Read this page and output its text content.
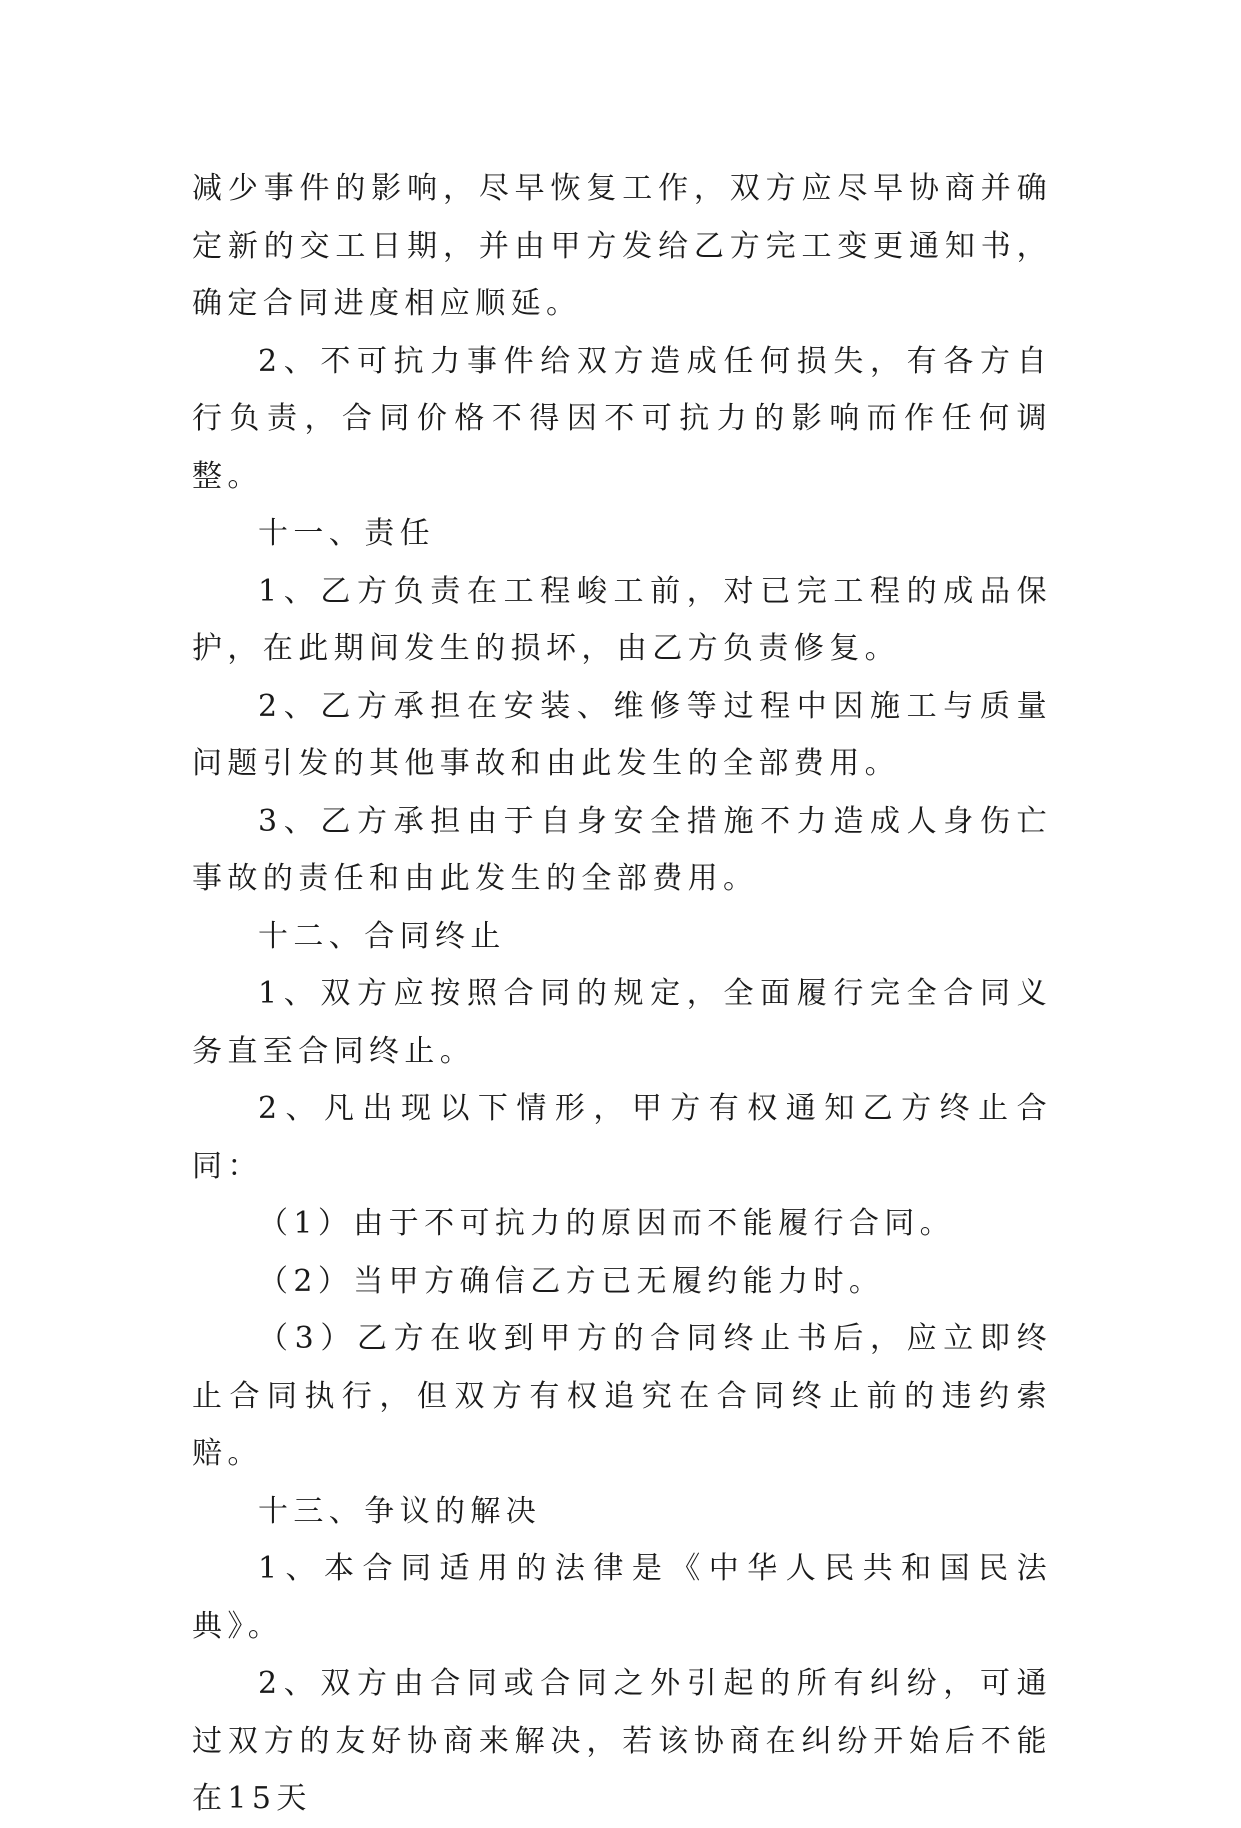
减少事件的影响，尽早恢复工作，双方应尽早协商并确定新的交工日期，并由甲方发给乙方完工变更通知书，确定合同进度相应顺延。

2、不可抗力事件给双方造成任何损失，有各方自行负责，合同价格不得因不可抗力的影响而作任何调整。

十一、责任

1、乙方负责在工程峻工前，对已完工程的成品保护，在此期间发生的损坏，由乙方负责修复。

2、乙方承担在安装、维修等过程中因施工与质量问题引发的其他事故和由此发生的全部费用。

3、乙方承担由于自身安全措施不力造成人身伤亡事故的责任和由此发生的全部费用。

十二、合同终止

1、双方应按照合同的规定，全面履行完全合同义务直至合同终止。

2、凡出现以下情形，甲方有权通知乙方终止合同：

（1）由于不可抗力的原因而不能履行合同。

（2）当甲方确信乙方已无履约能力时。

（3）乙方在收到甲方的合同终止书后，应立即终止合同执行，但双方有权追究在合同终止前的违约索赔。

十三、争议的解决

1、本合同适用的法律是《中华人民共和国民法典》。

2、双方由合同或合同之外引起的所有纠纷，可通过双方的友好协商来解决，若该协商在纠纷开始后不能在15天
